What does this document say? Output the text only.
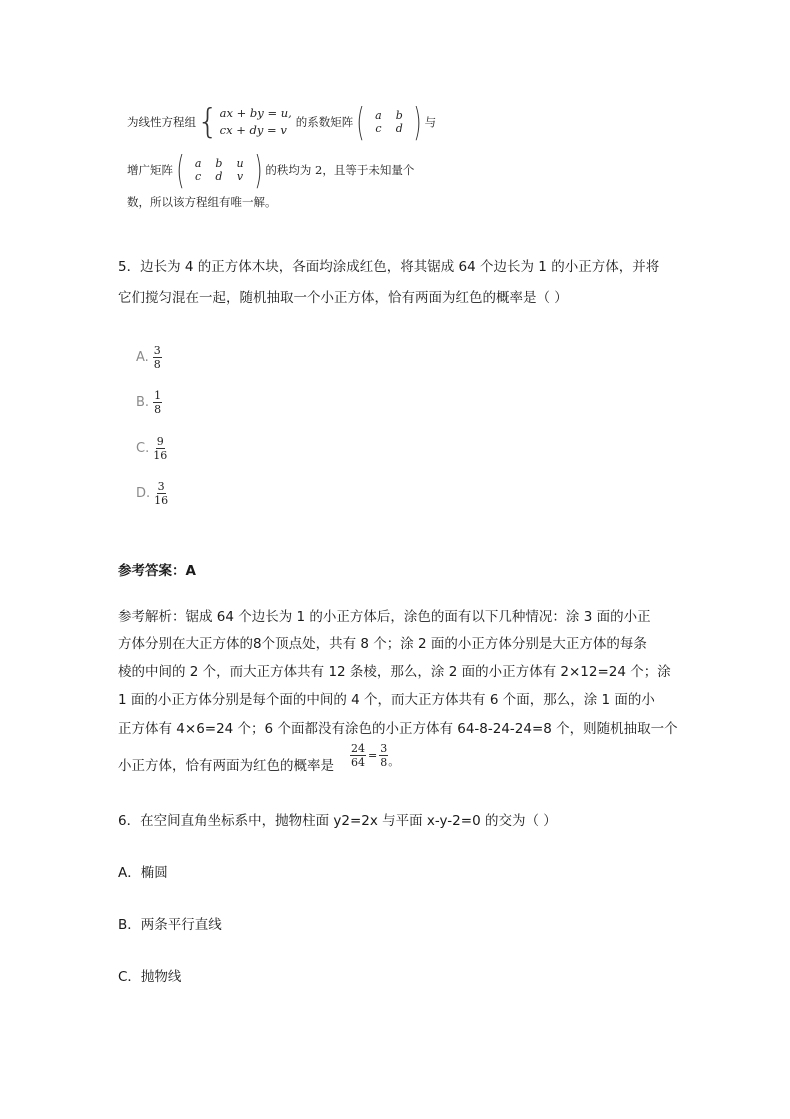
为线性方程组 { ax + by = u,
cx + dy = v
的系数矩阵 ( a	b
c	d ) 与
增广矩阵 ( a	b	u
c	d	v ) 的秩均为 2，且等于未知量个
数，所以该方程组有唯一解。
5．边长为 4 的正方体木块，各面均涂成红色，将其锯成 64 个边长为 1 的小正方体，并将
它们搅匀混在一起，随机抽取一个小正方体，恰有两面为红色的概率是（ ）
A. $\frac{3}{8}$
B. $\frac{1}{8}$
C. $\frac{9}{16}$
D. $\frac{3}{16}$
参考答案：A
参考解析：锯成 64 个边长为 1 的小正方体后，涂色的面有以下几种情况：涂 3 面的小正
方体分别在大正方体的8个顶点处，共有 8 个；涂 2 面的小正方体分别是大正方体的每条
棱的中间的 2 个，而大正方体共有 12 条棱，那么，涂 2 面的小正方体有 2×12=24 个；涂
1 面的小正方体分别是每个面的中间的 4 个，而大正方体共有 6 个面，那么，涂 1 面的小
正方体有 4×6=24 个；6 个面都没有涂色的小正方体有 64-8-24-24=8 个，则随机抽取一个
小正方体，恰有两面为红色的概率是 $\frac{24}{64} = \frac{3}{8}$ 。
6．在空间直角坐标系中，抛物柱面 y2=2x 与平面 x-y-2=0 的交为（ ）
A．椭圆
B．两条平行直线
C．抛物线
